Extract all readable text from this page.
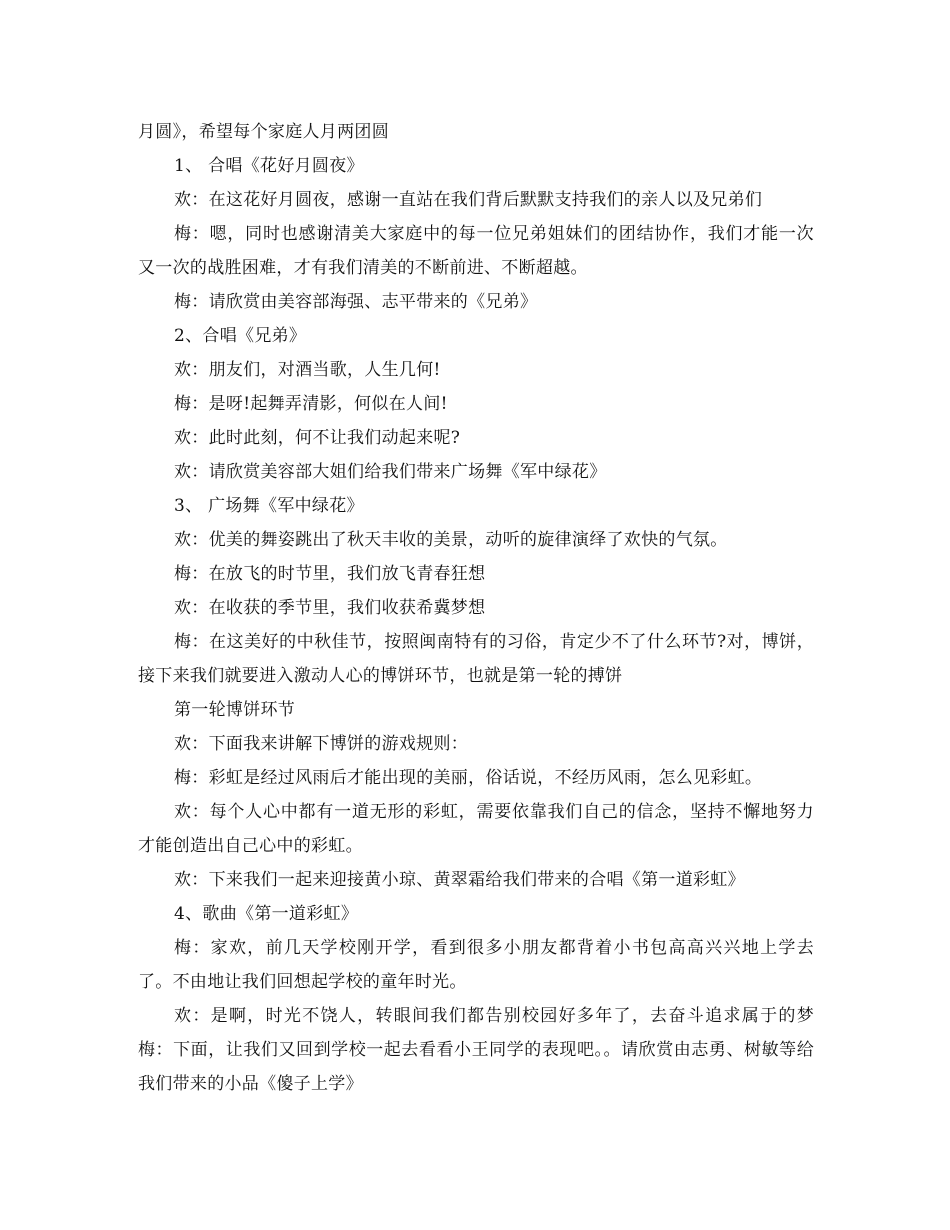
月圆》，希望每个家庭人月两团圆

1、 合唱《花好月圆夜》

欢：在这花好月圆夜，感谢一直站在我们背后默默支持我们的亲人以及兄弟们

梅：嗯，同时也感谢清美大家庭中的每一位兄弟姐妹们的团结协作，我们才能一次又一次的战胜困难，才有我们清美的不断前进、不断超越。

梅：请欣赏由美容部海强、志平带来的《兄弟》

2、合唱《兄弟》

欢：朋友们，对酒当歌，人生几何!

梅：是呀!起舞弄清影，何似在人间!

欢：此时此刻，何不让我们动起来呢?

欢：请欣赏美容部大姐们给我们带来广场舞《军中绿花》

3、 广场舞《军中绿花》

欢：优美的舞姿跳出了秋天丰收的美景，动听的旋律演绎了欢快的气氛。

梅：在放飞的时节里，我们放飞青春狂想

欢：在收获的季节里，我们收获希冀梦想

梅：在这美好的中秋佳节，按照闽南特有的习俗，肯定少不了什么环节?对，博饼，接下来我们就要进入激动人心的博饼环节，也就是第一轮的搏饼

第一轮博饼环节

欢：下面我来讲解下博饼的游戏规则：

梅：彩虹是经过风雨后才能出现的美丽，俗话说，不经历风雨，怎么见彩虹。

欢：每个人心中都有一道无形的彩虹，需要依靠我们自己的信念，坚持不懈地努力才能创造出自己心中的彩虹。

欢：下来我们一起来迎接黄小琼、黄翠霜给我们带来的合唱《第一道彩虹》

4、歌曲《第一道彩虹》

梅：家欢，前几天学校刚开学，看到很多小朋友都背着小书包高高兴兴地上学去了。不由地让我们回想起学校的童年时光。

欢：是啊，时光不饶人，转眼间我们都告别校园好多年了，去奋斗追求属于的梦梅：下面，让我们又回到学校一起去看看小王同学的表现吧。。请欣赏由志勇、树敏等给我们带来的小品《傻子上学》
